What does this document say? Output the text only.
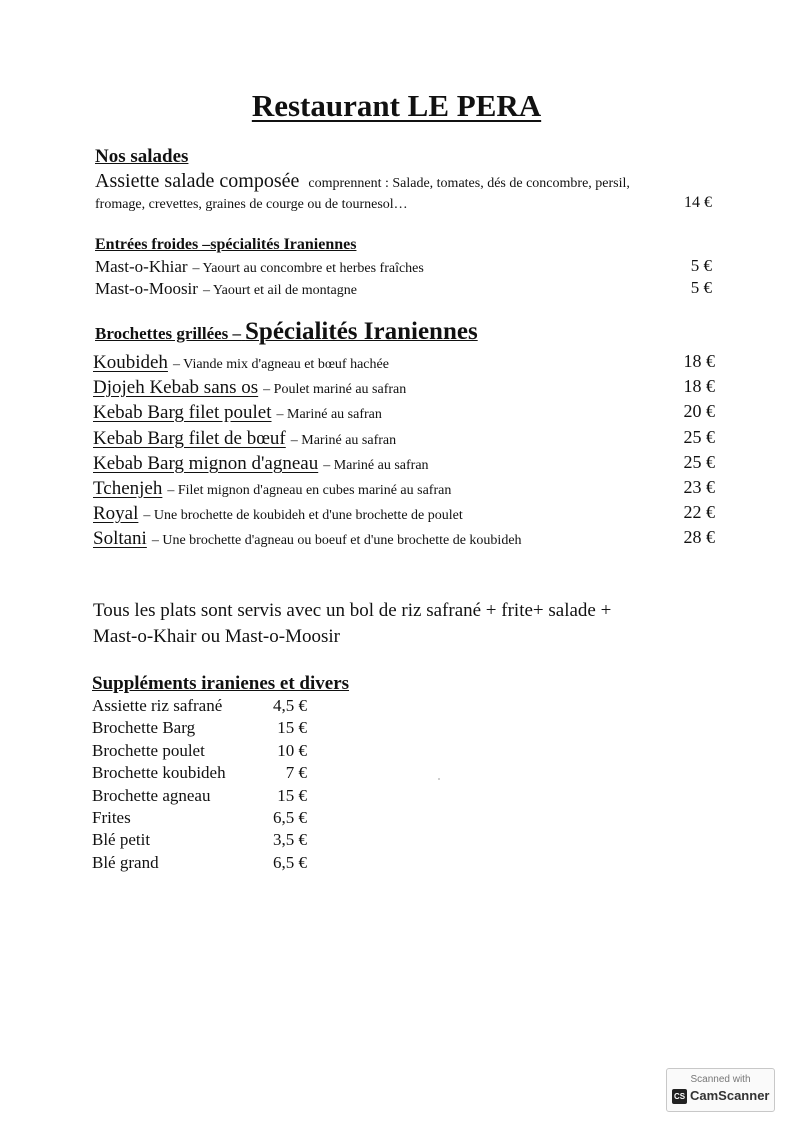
Restaurant LE PERA
Nos salades
Assiette salade composée comprennent : Salade, tomates, dés de concombre, persil,
fromage, crevettes, graines de courge ou de tournesol…	14 €
Entrées froides –spécialités Iraniennes
Mast-o-Khiar – Yaourt au concombre et herbes fraîches	5 €
Mast-o-Moosir – Yaourt et ail de montagne	5 €
Brochettes grillées – Spécialités Iraniennes
Koubideh – Viande mix d'agneau et bœuf hachée	18 €
Djojeh Kebab sans os – Poulet mariné au safran	18 €
Kebab Barg filet poulet – Mariné au safran	20 €
Kebab Barg filet de bœuf – Mariné au safran	25 €
Kebab Barg mignon d'agneau – Mariné au safran	25 €
Tchenjeh – Filet mignon d'agneau en cubes mariné au safran	23 €
Royal – Une brochette de koubideh et d'une brochette de poulet	22 €
Soltani – Une brochette d'agneau ou boeuf et d'une brochette de koubideh	28 €
Tous les plats sont servis avec un bol de riz safrané + frite+ salade +
Mast-o-Khair ou Mast-o-Moosir
Suppléments iranienes et divers
Assiette riz safrané	4,5 €
Brochette Barg	15 €
Brochette poulet	10 €
Brochette koubideh	7 €
Brochette agneau	15 €
Frites	6,5 €
Blé petit	3,5 €
Blé grand	6,5 €
Scanned with
CS CamScanner
